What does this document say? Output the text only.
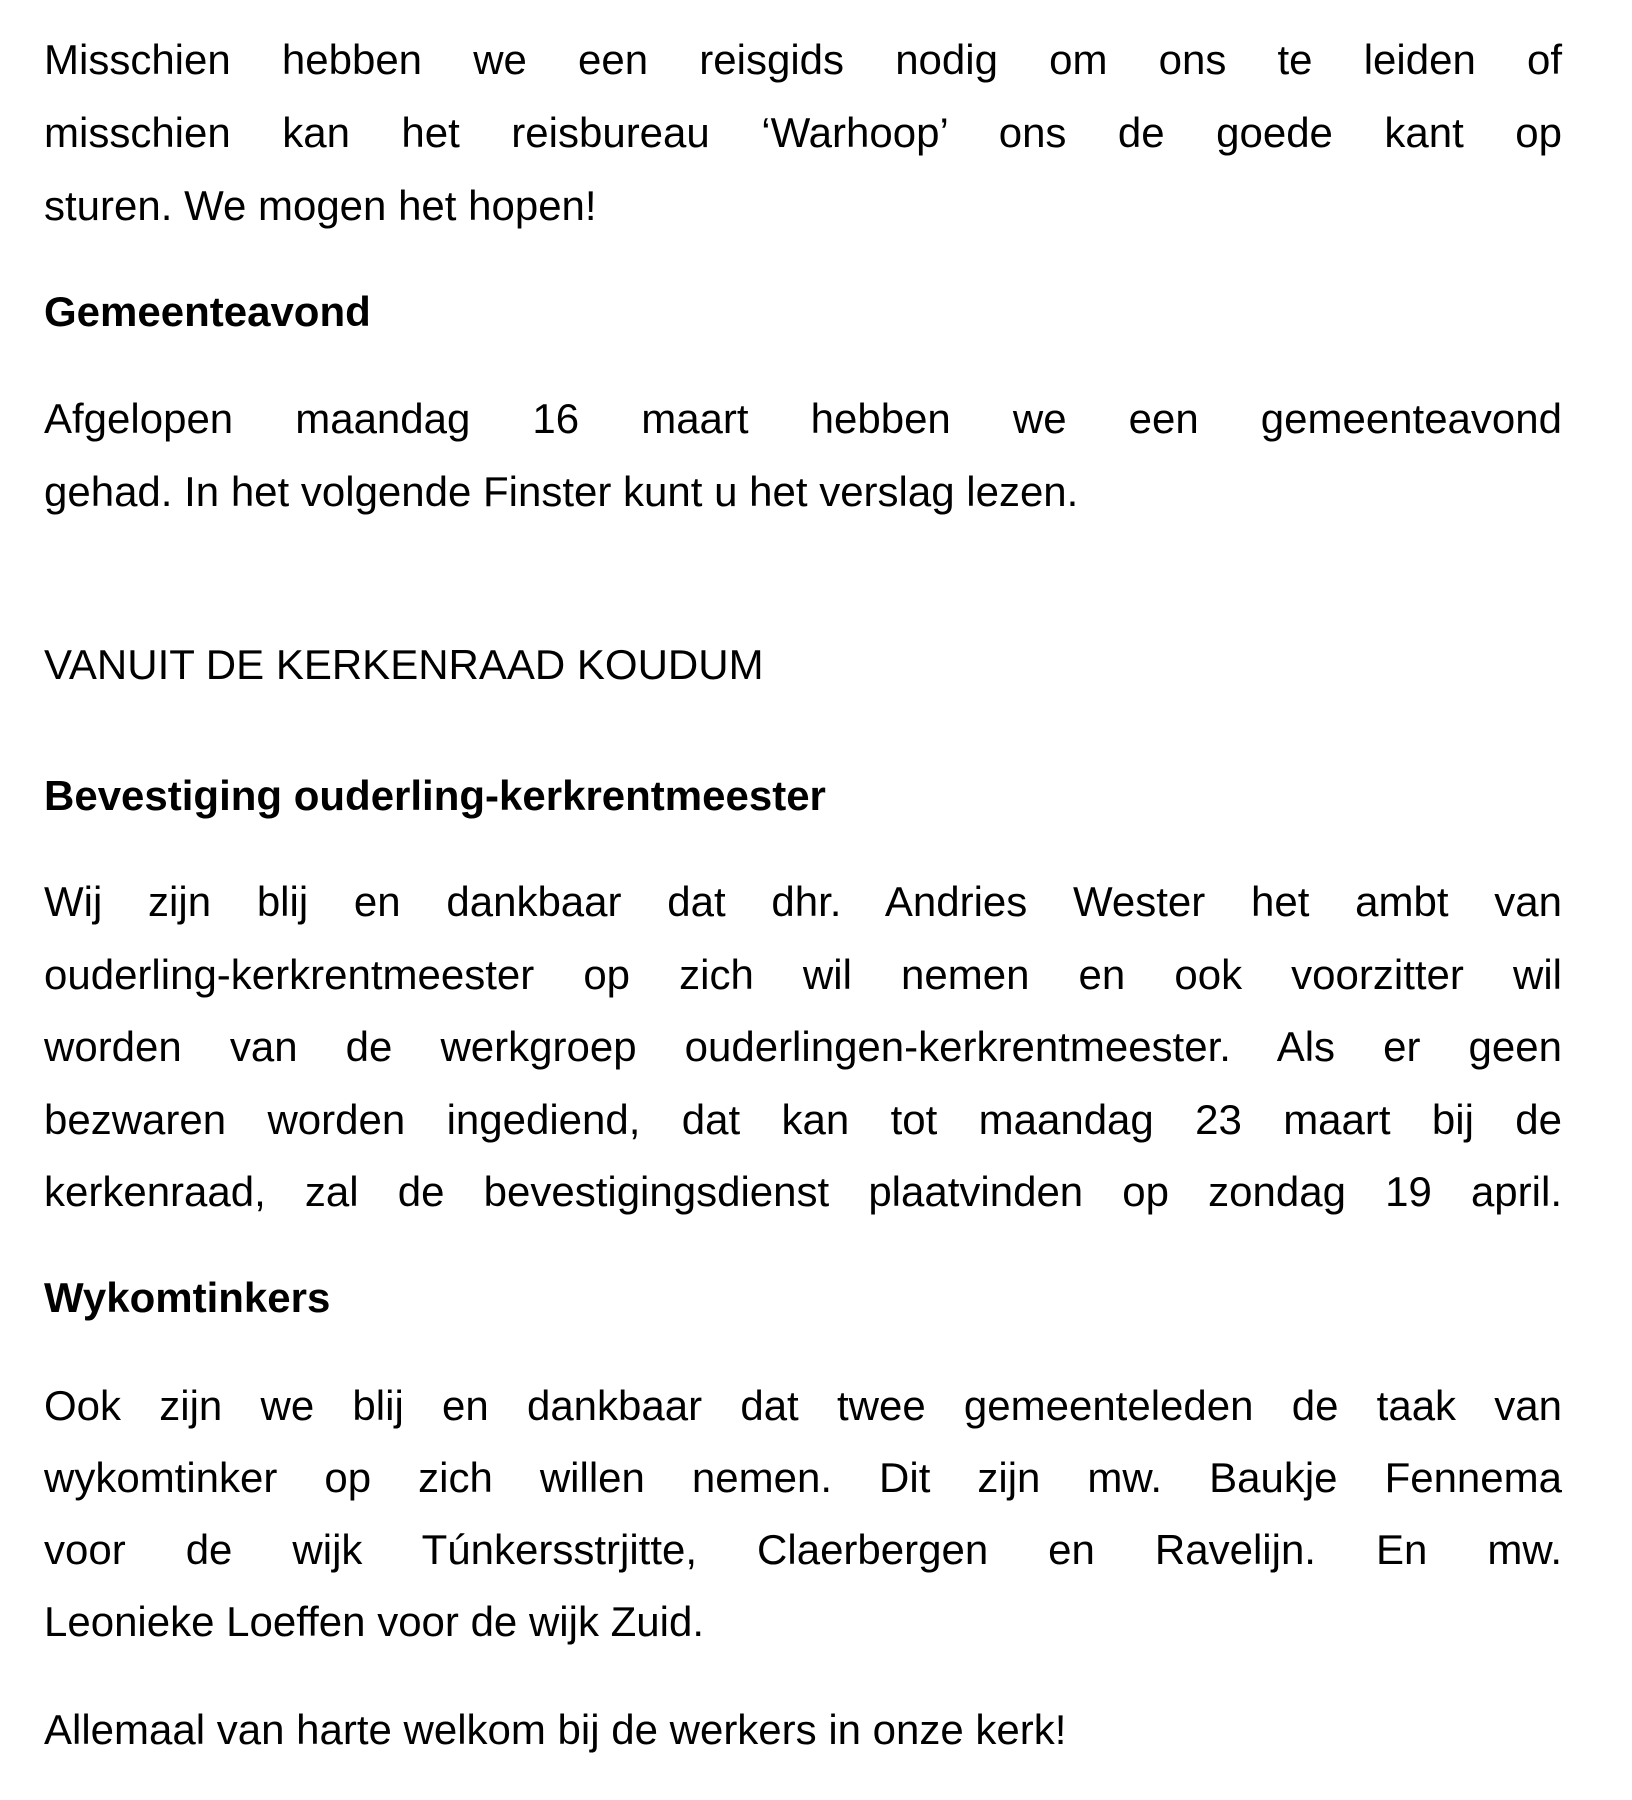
Misschien hebben we een reisgids nodig om ons te leiden of
misschien kan het reisbureau ‘Warhoop’ ons de goede kant op
sturen. We mogen het hopen!
Gemeenteavond
Afgelopen maandag 16 maart hebben we een gemeenteavond
gehad. In het volgende Finster kunt u het verslag lezen.
VANUIT DE KERKENRAAD KOUDUM
Bevestiging ouderling-kerkrentmeester
Wij zijn blij en dankbaar dat dhr. Andries Wester het ambt van
ouderling-kerkrentmeester op zich wil nemen en ook voorzitter wil
worden van de werkgroep ouderlingen-kerkrentmeester. Als er geen
bezwaren worden ingediend, dat kan tot maandag 23 maart bij de
kerkenraad, zal de bevestigingsdienst plaatvinden op zondag 19 april.
Wykomtinkers
Ook zijn we blij en dankbaar dat twee gemeenteleden de taak van
wykomtinker op zich willen nemen. Dit zijn mw. Baukje Fennema
voor de wijk Túnkersstrjitte, Claerbergen en Ravelijn. En mw.
Leonieke Loeffen voor de wijk Zuid.
Allemaal van harte welkom bij de werkers in onze kerk!
